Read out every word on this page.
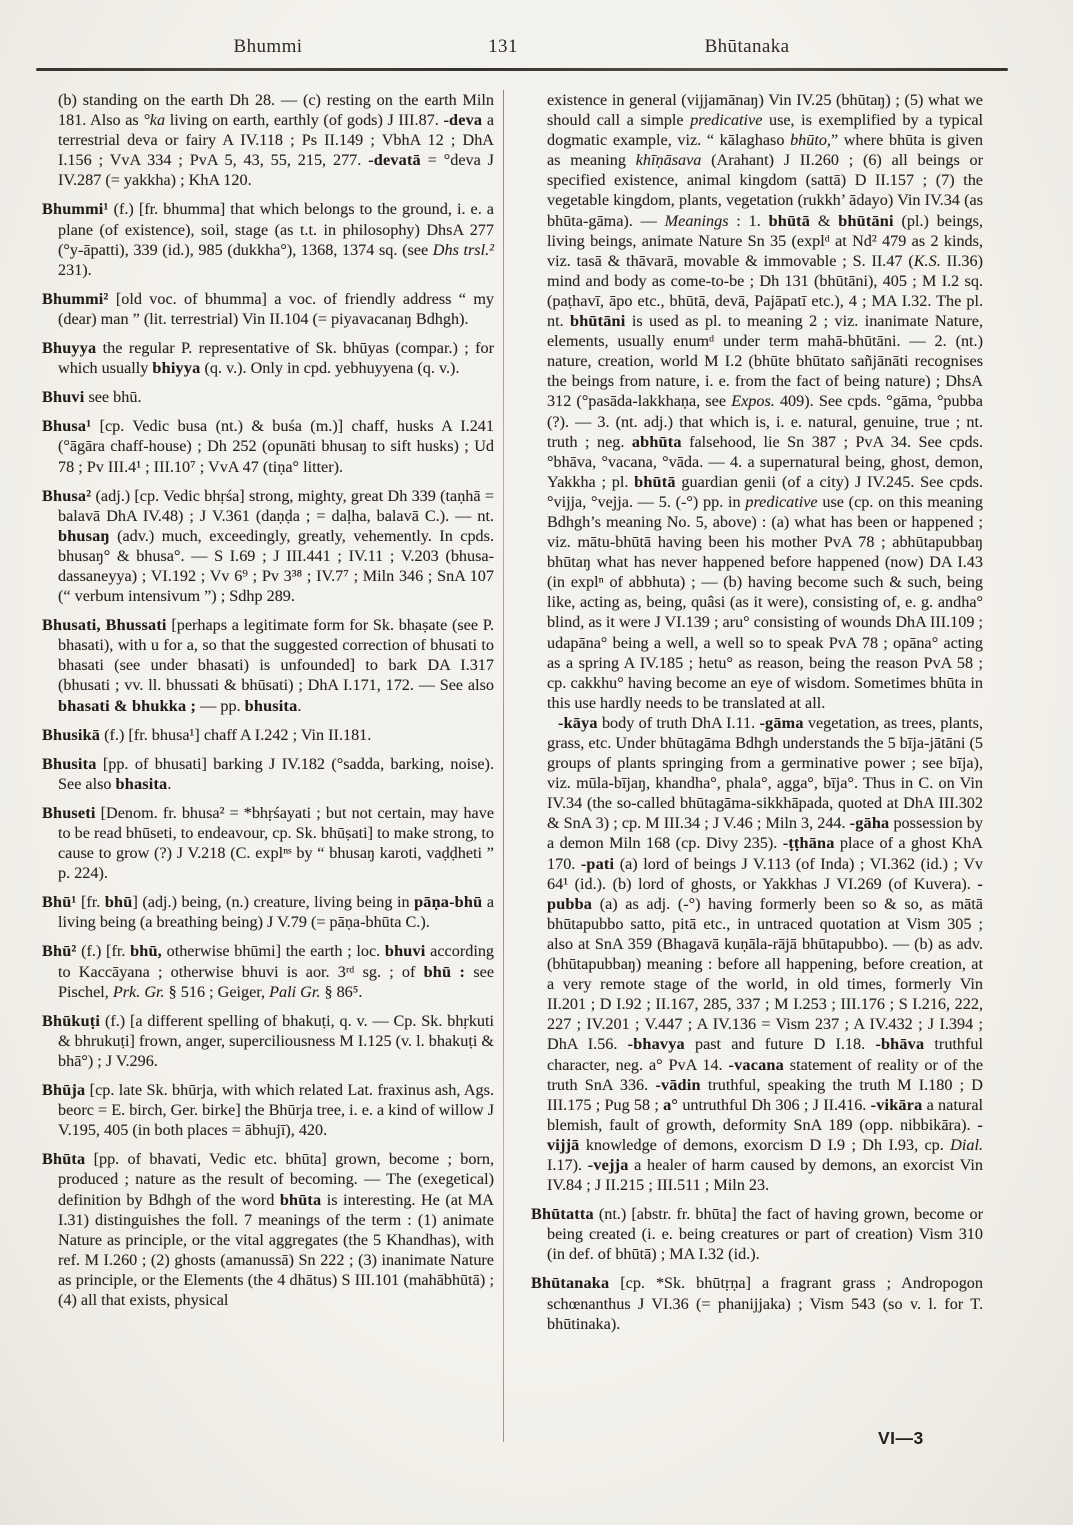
Bhummi	131	Bhūtanaka

(b) standing on the earth Dh 28. — (c) resting on the earth Miln 181. Also as °ka living on earth, earthly (of gods) J III.87. -deva a terrestrial deva or fairy A IV.118 ; Ps II.149 ; VbhA 12 ; DhA I.156 ; VvA 334 ; PvA 5, 43, 55, 215, 277. -devatā = °deva J IV.287 (= yakkha) ; KhA 120.

Bhummi¹ (f.) [fr. bhumma] that which belongs to the ground, i. e. a plane (of existence), soil, stage (as t.t. in philosophy) DhsA 277 (°y-āpatti), 339 (id.), 985 (dukkha°), 1368, 1374 sq. (see Dhs trsl.² 231).

Bhummi² [old voc. of bhumma] a voc. of friendly address “ my (dear) man ” (lit. terrestrial) Vin II.104 (= piyavacanaŋ Bdhgh).

Bhuyya the regular P. representative of Sk. bhūyas (compar.) ; for which usually bhiyya (q. v.). Only in cpd. yebhuyyena (q. v.).

Bhuvi see bhū.

Bhusa¹ [cp. Vedic busa (nt.) & buśa (m.)] chaff, husks A I.241 (°āgāra chaff-house) ; Dh 252 (opunāti bhusaŋ to sift husks) ; Ud 78 ; Pv III.4¹ ; III.10⁷ ; VvA 47 (tiṇa° litter).

Bhusa² (adj.) [cp. Vedic bhṛśa] strong, mighty, great Dh 339 (taṇhā = balavā DhA IV.48) ; J V.361 (daṇḍa ; = daḷha, balavā C.). — nt. bhusaŋ (adv.) much, exceedingly, greatly, vehemently. In cpds. bhusaŋ° & bhusa°. — S I.69 ; J III.441 ; IV.11 ; V.203 (bhusa-dassaneyya) ; VI.192 ; Vv 6⁹ ; Pv 3³⁸ ; IV.7⁷ ; Miln 346 ; SnA 107 (“ verbum intensivum ”) ; Sdhp 289.

Bhusati, Bhussati [perhaps a legitimate form for Sk. bhaṣate (see P. bhasati), with u for a, so that the suggested correction of bhusati to bhasati (see under bhasati) is unfounded] to bark DA I.317 (bhusati ; vv. ll. bhussati & bhūsati) ; DhA I.171, 172. — See also bhasati & bhukka ; — pp. bhusita.

Bhusikā (f.) [fr. bhusa¹] chaff A I.242 ; Vin II.181.

Bhusita [pp. of bhusati] barking J IV.182 (°sadda, barking, noise). See also bhasita.

Bhuseti [Denom. fr. bhusa² = *bhṛśayati ; but not certain, may have to be read bhūseti, to endeavour, cp. Sk. bhūṣati] to make strong, to cause to grow (?) J V.218 (C. explⁿˢ by “ bhusaŋ karoti, vaḍḍheti ” p. 224).

Bhū¹ [fr. bhū] (adj.) being, (n.) creature, living being in pāṇa-bhū a living being (a breathing being) J V.79 (= pāṇa-bhūta C.).

Bhū² (f.) [fr. bhū, otherwise bhūmi] the earth ; loc. bhuvi according to Kaccāyana ; otherwise bhuvi is aor. 3ʳᵈ sg. ; of bhū : see Pischel, Prk. Gr. § 516 ; Geiger, Pali Gr. § 86⁵.

Bhūkuṭi (f.) [a different spelling of bhakuṭi, q. v. — Cp. Sk. bhṛkuti & bhrukuṭi] frown, anger, superciliousness M I.125 (v. l. bhakuṭi & bhā°) ; J V.296.

Bhūja [cp. late Sk. bhūrja, with which related Lat. fraxinus ash, Ags. beorc = E. birch, Ger. birke] the Bhūrja tree, i. e. a kind of willow J V.195, 405 (in both places = ābhujī), 420.

Bhūta [pp. of bhavati, Vedic etc. bhūta] grown, become ; born, produced ; nature as the result of becoming. — The (exegetical) definition by Bdhgh of the word bhūta is interesting. He (at MA I.31) distinguishes the foll. 7 meanings of the term : (1) animate Nature as principle, or the vital aggregates (the 5 Khandhas), with ref. M I.260 ; (2) ghosts (amanussā) Sn 222 ; (3) inanimate Nature as principle, or the Elements (the 4 dhātus) S III.101 (mahābhūtā) ; (4) all that exists, physical

existence in general (vijjamānaŋ) Vin IV.25 (bhūtaŋ) ; (5) what we should call a simple predicative use, is exemplified by a typical dogmatic example, viz. “ kālaghaso bhūto,” where bhūta is given as meaning khīṇāsava (Arahant) J II.260 ; (6) all beings or specified existence, animal kingdom (sattā) D II.157 ; (7) the vegetable kingdom, plants, vegetation (rukkh’ ādayo) Vin IV.34 (as bhūta-gāma). — Meanings : 1. bhūtā & bhūtāni (pl.) beings, living beings, animate Nature Sn 35 (explᵈ at Nd² 479 as 2 kinds, viz. tasā & thāvarā, movable & immovable ; S. II.47 (K.S. II.36) mind and body as come-to-be ; Dh 131 (bhūtāni), 405 ; M I.2 sq. (paṭhavī, āpo etc., bhūtā, devā, Pajāpatī etc.), 4 ; MA I.32. The pl. nt. bhūtāni is used as pl. to meaning 2 ; viz. inanimate Nature, elements, usually enumᵈ under term mahā-bhūtāni. — 2. (nt.) nature, creation, world M I.2 (bhūte bhūtato sañjānāti recognises the beings from nature, i. e. from the fact of being nature) ; DhsA 312 (°pasāda-lakkhaṇa, see Expos. 409). See cpds. °gāma, °pubba (?). — 3. (nt. adj.) that which is, i. e. natural, genuine, true ; nt. truth ; neg. abhūta falsehood, lie Sn 387 ; PvA 34. See cpds. °bhāva, °vacana, °vāda. — 4. a supernatural being, ghost, demon, Yakkha ; pl. bhūtā guardian genii (of a city) J IV.245. See cpds. °vijja, °vejja. — 5. (-°) pp. in predicative use (cp. on this meaning Bdhgh’s meaning No. 5, above) : (a) what has been or happened ; viz. mātu-bhūtā having been his mother PvA 78 ; abhūtapubbaŋ bhūtaŋ what has never happened before happened (now) DA I.43 (in explⁿ of abbhuta) ; — (b) having become such & such, being like, acting as, being, quâsi (as it were), consisting of, e. g. andha° blind, as it were J VI.139 ; aru° consisting of wounds DhA III.109 ; udapāna° being a well, a well so to speak PvA 78 ; opāna° acting as a spring A IV.185 ; hetu° as reason, being the reason PvA 58 ; cp. cakkhu° having become an eye of wisdom. Sometimes bhūta in this use hardly needs to be translated at all.

-kāya body of truth DhA I.11. -gāma vegetation, as trees, plants, grass, etc. Under bhūtagāma Bdhgh understands the 5 bīja-jātāni (5 groups of plants springing from a germinative power ; see bīja), viz. mūla-bījaŋ, khandha°, phala°, agga°, bīja°. Thus in C. on Vin IV.34 (the so-called bhūtagāma-sikkhāpada, quoted at DhA III.302 & SnA 3) ; cp. M III.34 ; J V.46 ; Miln 3, 244. -gāha possession by a demon Miln 168 (cp. Divy 235). -ṭṭhāna place of a ghost KhA 170. -pati (a) lord of beings J V.113 (of Inda) ; VI.362 (id.) ; Vv 64¹ (id.). (b) lord of ghosts, or Yakkhas J VI.269 (of Kuvera). -pubba (a) as adj. (-°) having formerly been so & so, as mātā bhūtapubbo satto, pitā etc., in untraced quotation at Vism 305 ; also at SnA 359 (Bhagavā kuṇāla-rājā bhūtapubbo). — (b) as adv. (bhūtapubbaŋ) meaning : before all happening, before creation, at a very remote stage of the world, in old times, formerly Vin II.201 ; D I.92 ; II.167, 285, 337 ; M I.253 ; III.176 ; S I.216, 222, 227 ; IV.201 ; V.447 ; A IV.136 = Vism 237 ; A IV.432 ; J I.394 ; DhA I.56. -bhavya past and future D I.18. -bhāva truthful character, neg. a° PvA 14. -vacana statement of reality or of the truth SnA 336. -vādin truthful, speaking the truth M I.180 ; D III.175 ; Pug 58 ; a° untruthful Dh 306 ; J II.416. -vikāra a natural blemish, fault of growth, deformity SnA 189 (opp. nibbikāra). -vijjā knowledge of demons, exorcism D I.9 ; Dh I.93, cp. Dial. I.17). -vejja a healer of harm caused by demons, an exorcist Vin IV.84 ; J II.215 ; III.511 ; Miln 23.

Bhūtatta (nt.) [abstr. fr. bhūta] the fact of having grown, become or being created (i. e. being creatures or part of creation) Vism 310 (in def. of bhūtā) ; MA I.32 (id.).

Bhūtanaka [cp. *Sk. bhūtṛṇa] a fragrant grass ; Andropogon schœnanthus J VI.36 (= phanijjaka) ; Vism 543 (so v. l. for T. bhūtinaka).

VI—3
